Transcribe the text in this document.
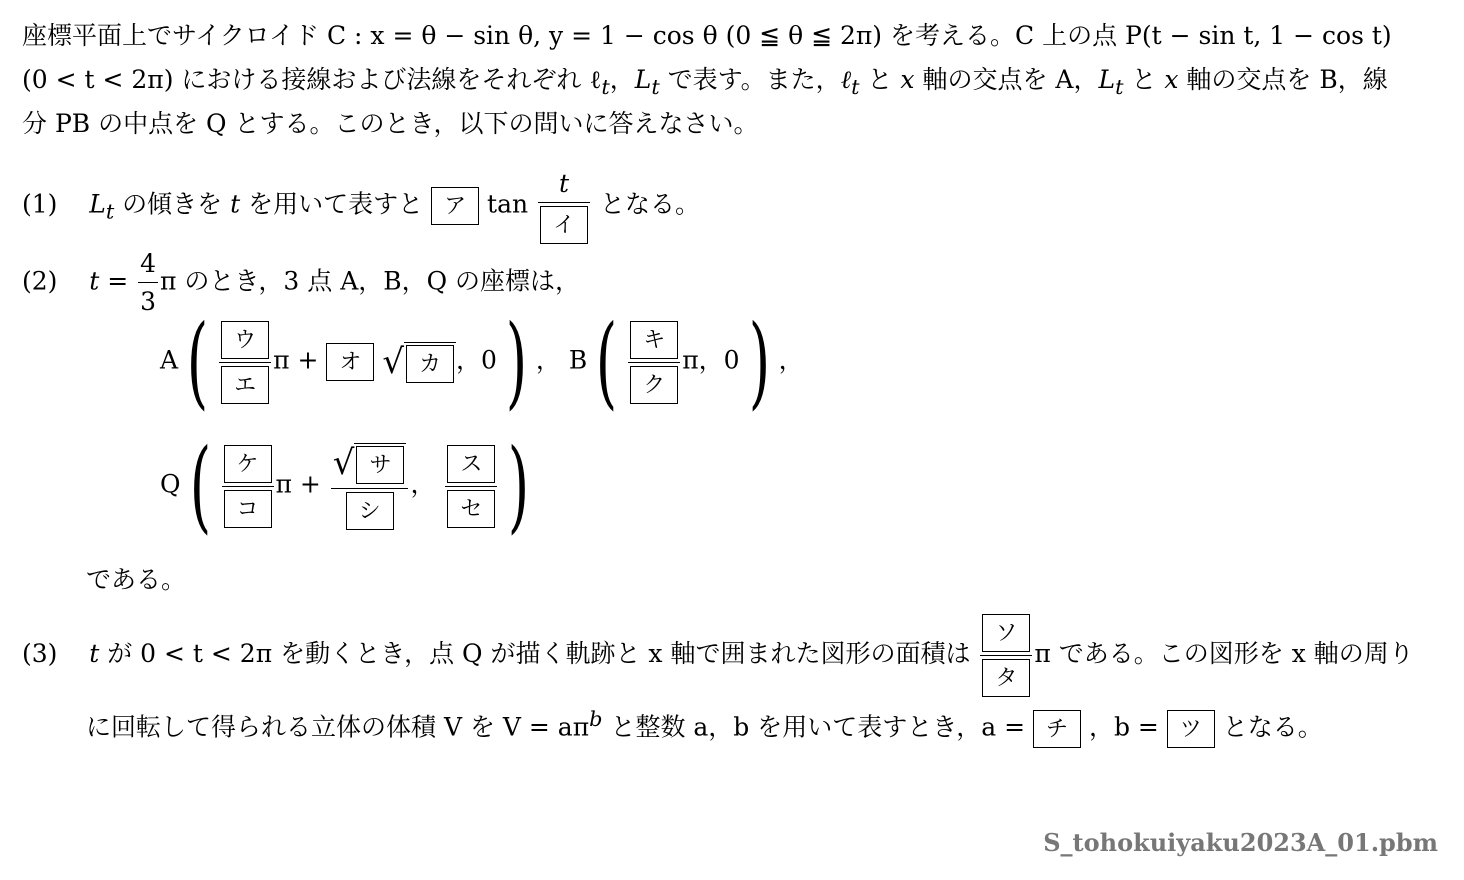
座標平面上でサイクロイド C : x = θ − sin θ, y = 1 − cos θ (0 ≦ θ ≦ 2π) を考える。C 上の点 P(t − sin t, 1 − cos t)
(0 < t < 2π) における接線および法線をそれぞれ ℓ$_t$，$L_t$ で表す。また，ℓ$_t$ と x 軸の交点を A，$L_t$ と x 軸の交点を B，線
分 PB の中点を Q とする。このとき，以下の問いに答えなさい。
(1) $L_t$ の傾きを t を用いて表すと ア $\tan \frac{t}{\text{イ}}$ となる。
(2) $t = \frac{4}{3}$ π のとき，3 点 A，B，Q の座標は，
$A( \frac{\text{ウ}}{\text{エ}}$ π + オ √ カ ，0) ， $B( \frac{\text{キ}}{\text{ク}}$ π，0) ，
$Q( \frac{\text{ケ}}{\text{コ}}$ $\pi + \frac{\text{√ サ}}{\text{シ}}$ ， $\frac{\text{ス}}{\text{セ}}$ )
である。
(3) t が 0 < t < 2π を動くとき，点 Q が描く軌跡と x 軸で囲まれた図形の面積は $\frac{\text{ソ}}{\text{タ}}$ π である。この図形を x 軸の周り
に回転して得られる立体の体積 V を $V = a\pi^b$ と整数 a，b を用いて表すとき，a = チ ，b = ツ となる。
S_tohokuiyaku2023A_01.pbm
